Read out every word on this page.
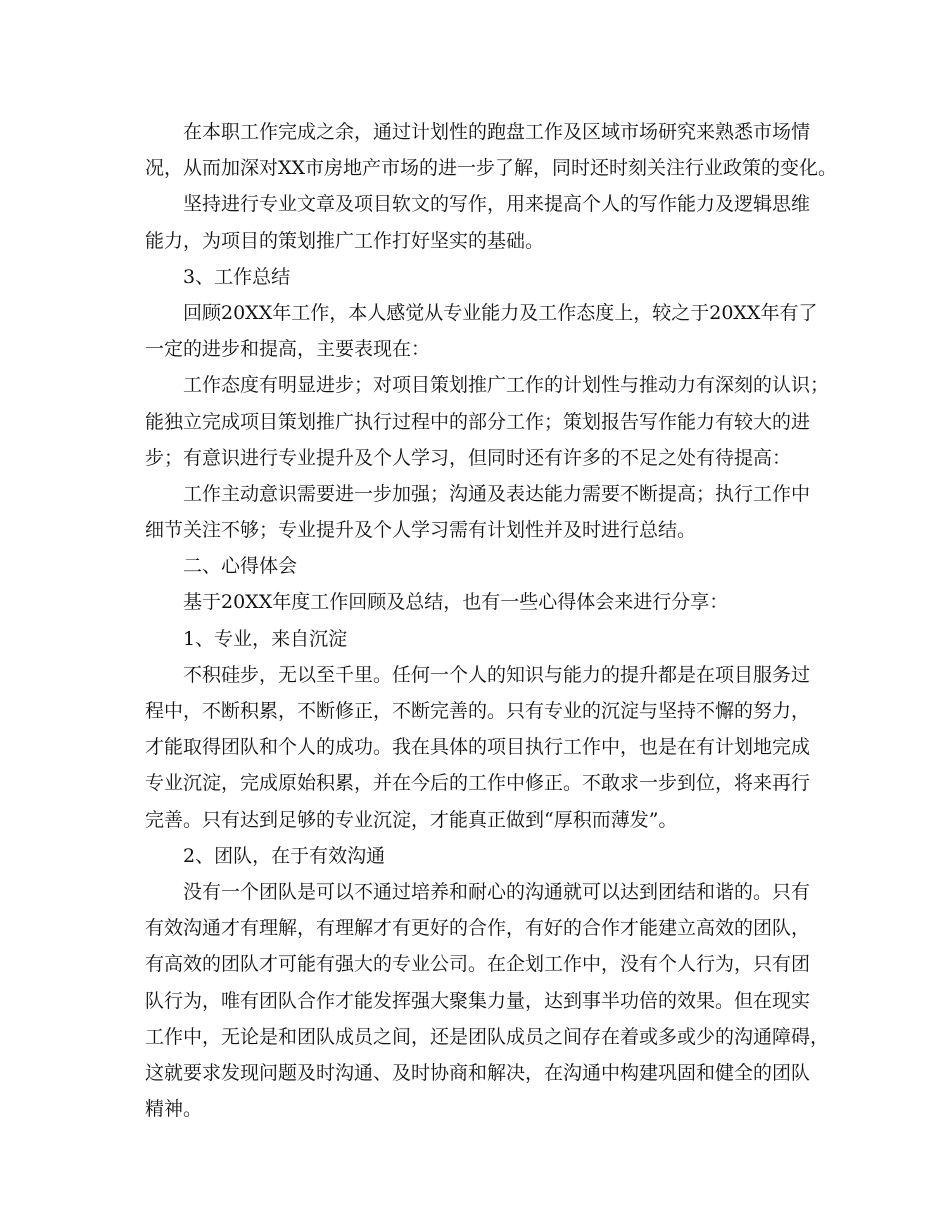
在本职工作完成之余，通过计划性的跑盘工作及区域市场研究来熟悉市场情
况，从而加深对XX市房地产市场的进一步了解，同时还时刻关注行业政策的变化。
坚持进行专业文章及项目软文的写作，用来提高个人的写作能力及逻辑思维
能力，为项目的策划推广工作打好坚实的基础。
3、工作总结
回顾20XX年工作，本人感觉从专业能力及工作态度上，较之于20XX年有了
一定的进步和提高，主要表现在：
工作态度有明显进步；对项目策划推广工作的计划性与推动力有深刻的认识；
能独立完成项目策划推广执行过程中的部分工作；策划报告写作能力有较大的进
步；有意识进行专业提升及个人学习，但同时还有许多的不足之处有待提高：
工作主动意识需要进一步加强；沟通及表达能力需要不断提高；执行工作中
细节关注不够；专业提升及个人学习需有计划性并及时进行总结。
二、心得体会
基于20XX年度工作回顾及总结，也有一些心得体会来进行分享：
1、专业，来自沉淀
不积硅步，无以至千里。任何一个人的知识与能力的提升都是在项目服务过
程中，不断积累，不断修正，不断完善的。只有专业的沉淀与坚持不懈的努力，
才能取得团队和个人的成功。我在具体的项目执行工作中，也是在有计划地完成
专业沉淀，完成原始积累，并在今后的工作中修正。不敢求一步到位，将来再行
完善。只有达到足够的专业沉淀，才能真正做到“厚积而薄发”。
2、团队，在于有效沟通
没有一个团队是可以不通过培养和耐心的沟通就可以达到团结和谐的。只有
有效沟通才有理解，有理解才有更好的合作，有好的合作才能建立高效的团队，
有高效的团队才可能有强大的专业公司。在企划工作中，没有个人行为，只有团
队行为，唯有团队合作才能发挥强大聚集力量，达到事半功倍的效果。但在现实
工作中，无论是和团队成员之间，还是团队成员之间存在着或多或少的沟通障碍，
这就要求发现问题及时沟通、及时协商和解决，在沟通中构建巩固和健全的团队
精神。
